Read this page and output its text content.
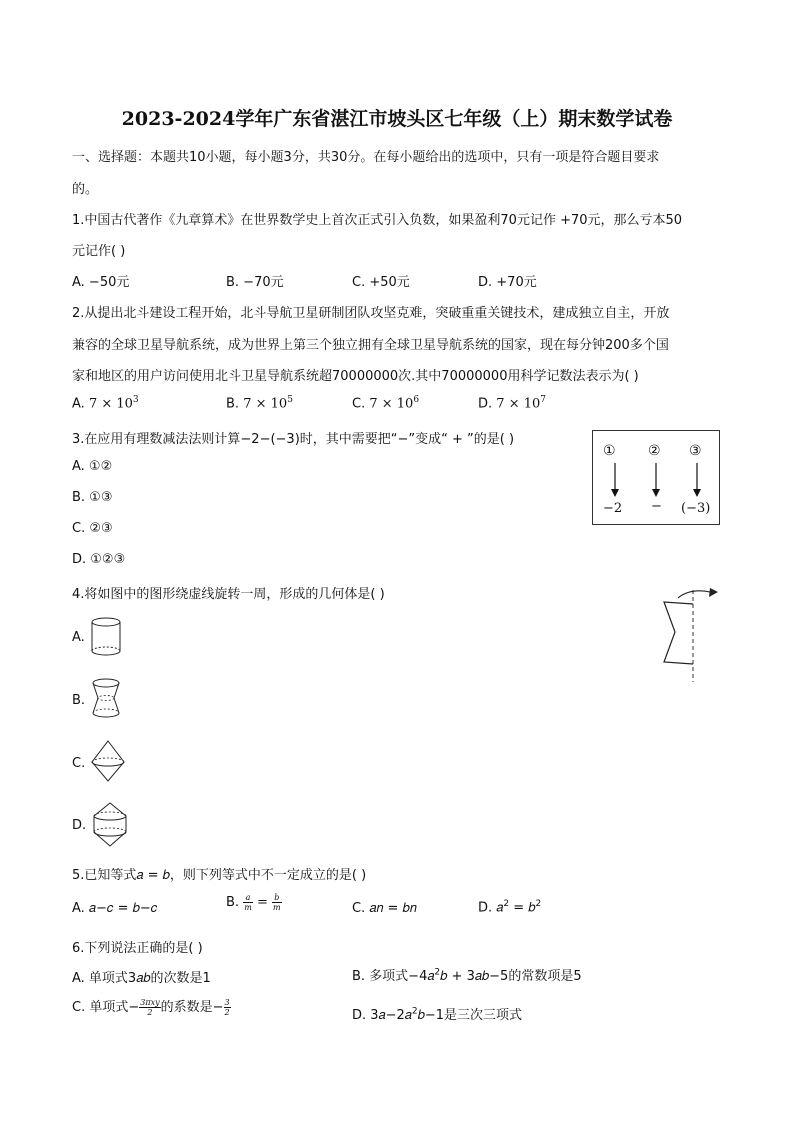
2023-2024学年广东省湛江市坡头区七年级（上）期末数学试卷
一、选择题：本题共10小题，每小题3分，共30分。在每小题给出的选项中，只有一项是符合题目要求
的。
1.中国古代著作《九章算术》在世界数学史上首次正式引入负数，如果盈利70元记作 +70元，那么亏本50
元记作( )
A. −50元	B. −70元	C. +50元	D. +70元
2.从提出北斗建设工程开始，北斗导航卫星研制团队攻坚克难，突破重重关键技术，建成独立自主，开放
兼容的全球卫星导航系统，成为世界上第三个独立拥有全球卫星导航系统的国家，现在每分钟200多个国
家和地区的用户访问使用北斗卫星导航系统超70000000次.其中70000000用科学记数法表示为( )
A. $7 \times 10^3$	B. $7 \times 10^5$	C. $7 \times 10^6$	D. $7 \times 10^7$
3.在应用有理数减法法则计算−2−(−3)时，其中需要把“−”变成“ + ”的是( )
A. ①②
B. ①③
C. ②③
D. ①②③
① ② ③
−2 − (−3)
4.将如图中的图形绕虚线旋转一周，形成的几何体是( )
A.
B.
C.
D.
5.已知等式𝑎 = 𝑏，则下列等式中不一定成立的是( )
A. 𝑎−𝑐 = 𝑏−𝑐	B. $\frac{a}{m} = \frac{b}{m}$	C. 𝑎𝑛 = 𝑏𝑛	D. 𝑎$^2$ = 𝑏$^2$
6.下列说法正确的是( )
A. 单项式3𝑎𝑏的次数是1	B. 多项式−4𝑎$^2$𝑏 + 3𝑎𝑏−5的常数项是5
C. 单项式− $\frac{\text{3πxy}}{2}$ 的系数是− $\frac{3}{2}$	D. 3𝑎−2𝑎$^2$𝑏−1是三次三项式
